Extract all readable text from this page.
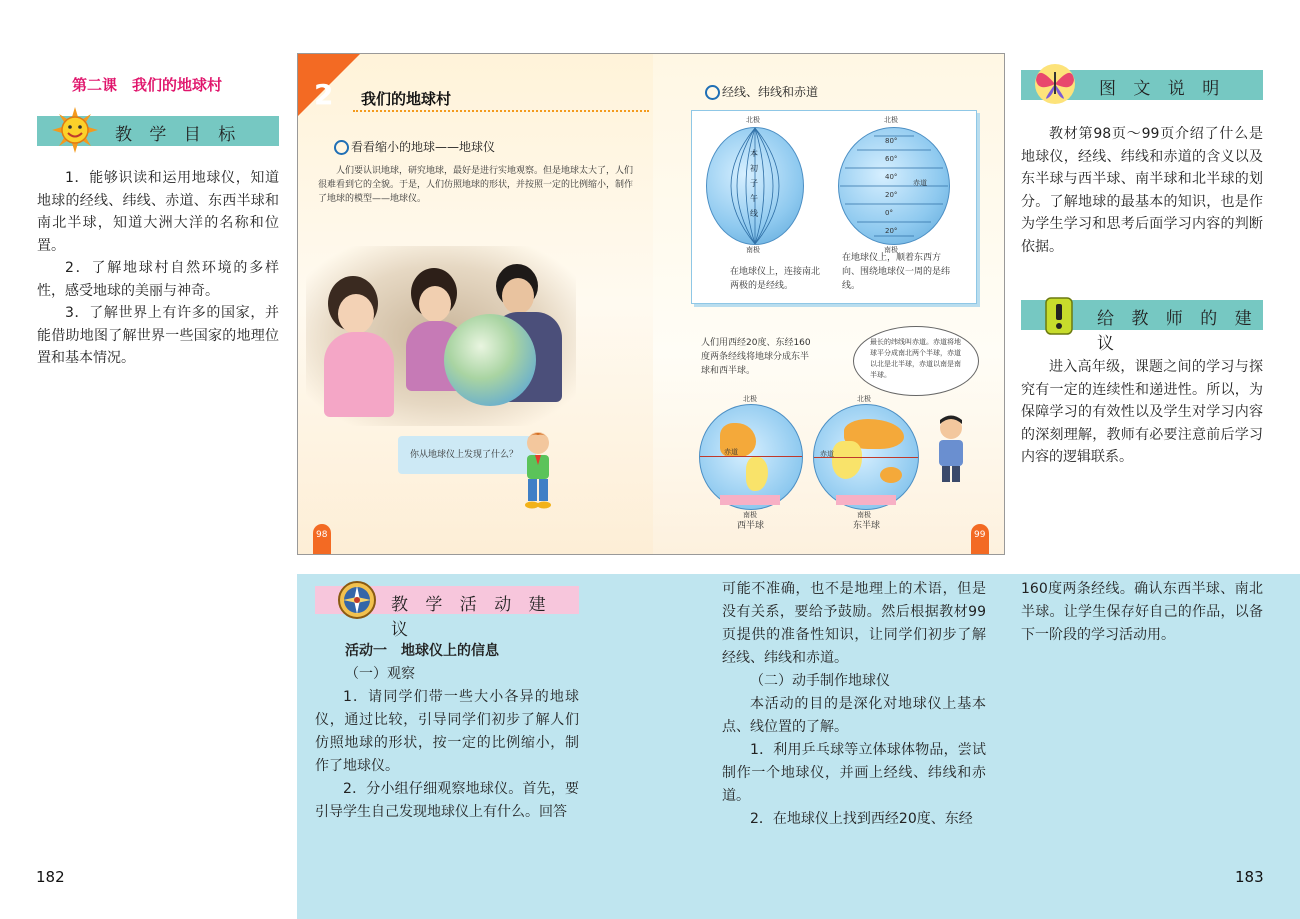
第二课　我们的地球村
教 学 目 标
1．能够识读和运用地球仪，知道地球的经线、纬线、赤道、东西半球和南北半球，知道大洲大洋的名称和位置。
2．了解地球村自然环境的多样性，感受地球的美丽与神奇。
3．了解世界上有许多的国家，并能借助地图了解世界一些国家的地理位置和基本情况。
2 我们的地球村
看看缩小的地球——地球仪
人们要认识地球，研究地球，最好是进行实地观察。但是地球太大了，人们很难看到它的全貌。于是，人们仿照地球的形状，并按照一定的比例缩小，制作了地球的模型——地球仪。
你从地球仪上发现了什么？
98
经线、纬线和赤道
本初子午线
北极
南极
在地球仪上，连接南北两极的是经线。
80°
60°
40°
20°
0°
20°
赤道
北极
南极
在地球仪上，顺着东西方向、围绕地球仪一周的是纬线。
人们用西经20度、东经160度两条经线将地球分成东半球和西半球。
最长的纬线叫赤道。赤道将地球平分成南北两个半球，赤道以北是北半球，赤道以南是南半球。
赤道
北极
南极
西半球
赤道
北极
南极
东半球
99
图 文 说 明
教材第98页～99页介绍了什么是地球仪，经线、纬线和赤道的含义以及东半球与西半球、南半球和北半球的划分。了解地球的最基本的知识，也是作为学生学习和思考后面学习内容的判断依据。
给 教 师 的 建 议
进入高年级，课题之间的学习与探究有一定的连续性和递进性。所以，为保障学习的有效性以及学生对学习内容的深刻理解，教师有必要注意前后学习内容的逻辑联系。
教 学 活 动 建 议
活动一　地球仪上的信息
（一）观察
1．请同学们带一些大小各异的地球仪，通过比较，引导同学们初步了解人们仿照地球的形状，按一定的比例缩小，制作了地球仪。
2．分小组仔细观察地球仪。首先，要引导学生自己发现地球仪上有什么。回答
可能不准确，也不是地理上的术语，但是没有关系，要给予鼓励。然后根据教材99页提供的准备性知识，让同学们初步了解经线、纬线和赤道。
（二）动手制作地球仪
本活动的目的是深化对地球仪上基本点、线位置的了解。
1．利用乒乓球等立体球体物品，尝试制作一个地球仪，并画上经线、纬线和赤道。
2．在地球仪上找到西经20度、东经
160度两条经线。确认东西半球、南北半球。让学生保存好自己的作品，以备下一阶段的学习活动用。
182	183
